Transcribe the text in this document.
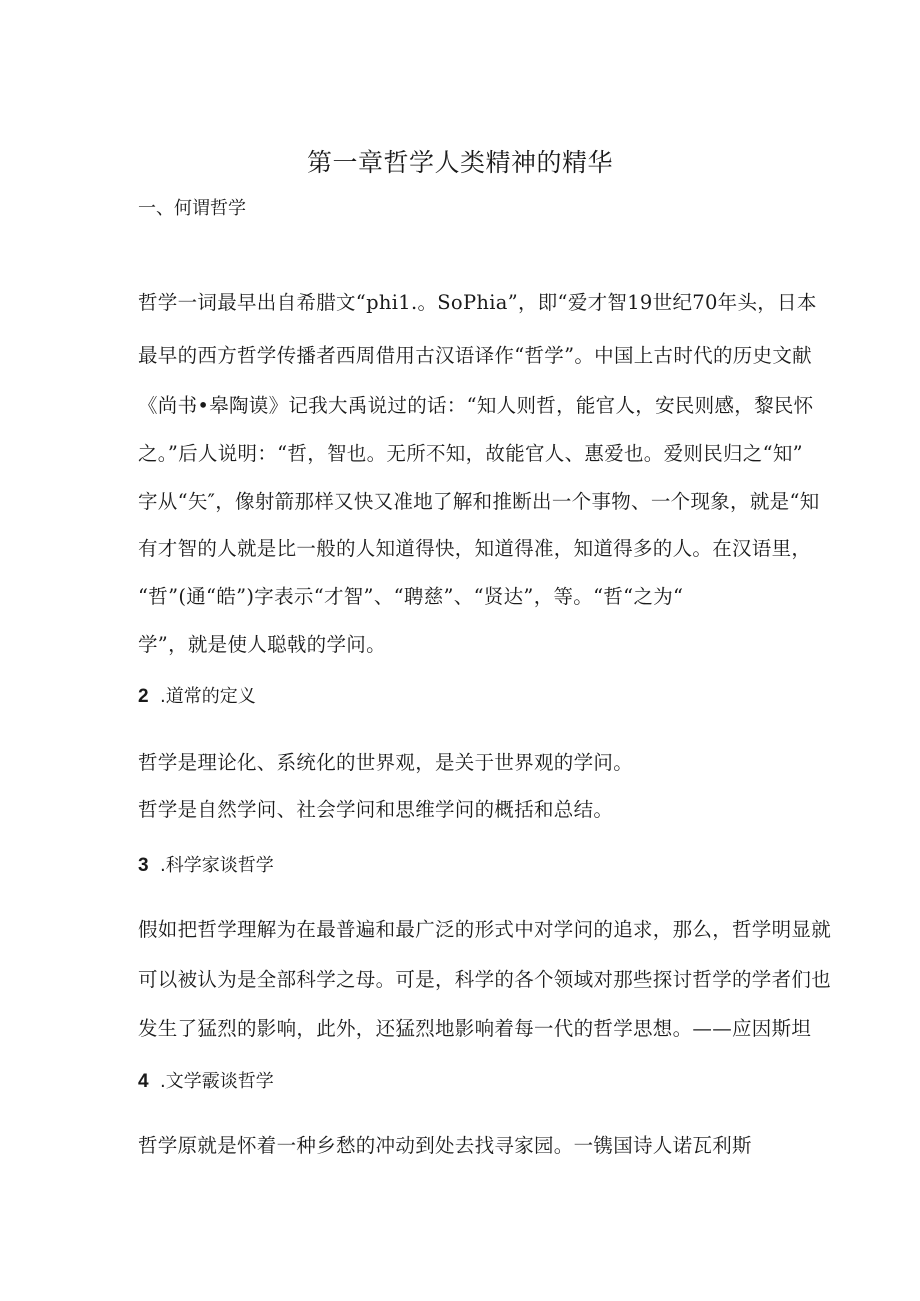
第一章哲学人类精神的精华
一、何谓哲学
哲学一词最早出自希腊文“phi1.。SoPhia”，即“爱才智19世纪70年头，日本
最早的西方哲学传播者西周借用古汉语译作“哲学”。中国上古时代的历史文献
《尚书•皋陶谟》记我大禹说过的话：“知人则哲，能官人，安民则感，黎民怀
之。”后人说明：“哲，智也。无所不知，故能官人、惠爱也。爱则民归之“知”
字从“矢″，像射箭那样又快又准地了解和推断出一个事物、一个现象，就是“知
有才智的人就是比一般的人知道得快，知道得准，知道得多的人。在汉语里，
“哲”(通“皓”)字表示“才智”、“聘慈”、“贤达”，等。“哲“之为“
学”，就是使人聪戟的学问。
2 .道常的定义
哲学是理论化、系统化的世界观，是关于世界观的学问。
哲学是自然学问、社会学问和思维学问的概括和总结。
3 .科学家谈哲学
假如把哲学理解为在最普遍和最广泛的形式中对学问的追求，那么，哲学明显就
可以被认为是全部科学之母。可是，科学的各个领域对那些探讨哲学的学者们也
发生了猛烈的影响，此外，还猛烈地影响着每一代的哲学思想。——应因斯坦
4 .文学霰谈哲学
哲学原就是怀着一种乡愁的冲动到处去找寻家园。一镌国诗人诺瓦利斯
